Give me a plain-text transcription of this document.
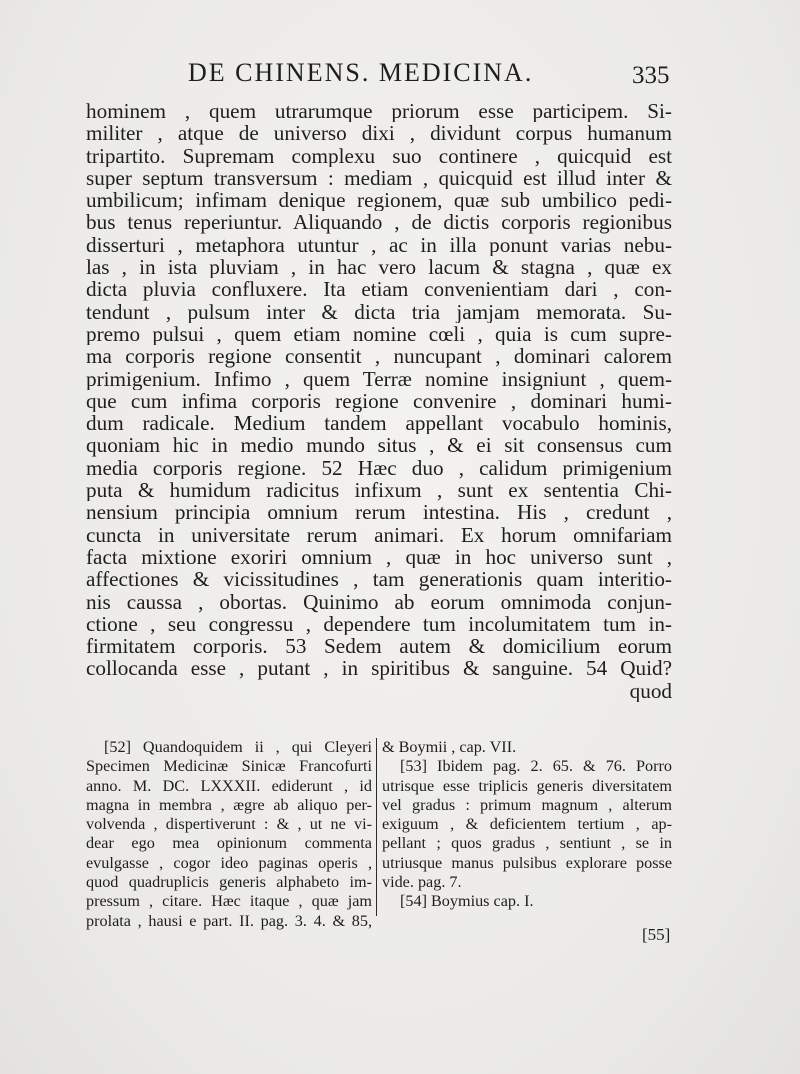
DE CHINENS. MEDICINA.	335
hominem , quem utrarumque priorum esse participem. Si-
militer , atque de universo dixi , dividunt corpus humanum
tripartito. Supremam complexu suo continere , quicquid est
super septum transversum : mediam , quicquid est illud inter &
umbilicum; infimam denique regionem, quæ sub umbilico pedi-
bus tenus reperiuntur. Aliquando , de dictis corporis regionibus
disserturi , metaphora utuntur , ac in illa ponunt varias nebu-
las , in ista pluviam , in hac vero lacum & stagna , quæ ex
dicta pluvia confluxere. Ita etiam convenientiam dari , con-
tendunt , pulsum inter & dicta tria jamjam memorata. Su-
premo pulsui , quem etiam nomine cœli , quia is cum supre-
ma corporis regione consentit , nuncupant , dominari calorem
primigenium. Infimo , quem Terræ nomine insigniunt , quem-
que cum infima corporis regione convenire , dominari humi-
dum radicale. Medium tandem appellant vocabulo hominis,
quoniam hic in medio mundo situs , & ei sit consensus cum
media corporis regione. 52 Hæc duo , calidum primigenium
puta & humidum radicitus infixum , sunt ex sententia Chi-
nensium principia omnium rerum intestina. His , credunt ,
cuncta in universitate rerum animari. Ex horum omnifariam
facta mixtione exoriri omnium , quæ in hoc universo sunt ,
affectiones & vicissitudines , tam generationis quam interitio-
nis caussa , obortas. Quinimo ab eorum omnimoda conjun-
ctione , seu congressu , dependere tum incolumitatem tum in-
firmitatem corporis. 53 Sedem autem & domicilium eorum
collocanda esse , putant , in spiritibus & sanguine. 54 Quid?
quod
[52] Quandoquidem ii , qui Cleyeri
Specimen Medicinæ Sinicæ Francofurti
anno. M. DC. LXXXII. ediderunt , id
magna in membra , ægre ab aliquo per-
volvenda , dispertiverunt : & , ut ne vi-
dear ego mea opinionum commenta
evulgasse , cogor ideo paginas operis ,
quod quadruplicis generis alphabeto im-
pressum , citare. Hæc itaque , quæ jam
prolata , hausi e part. II. pag. 3. 4. & 85,
& Boymii , cap. VII.
[53] Ibidem pag. 2. 65. & 76. Porro
utrisque esse triplicis generis diversitatem
vel gradus : primum magnum , alterum
exiguum , & deficientem tertium , ap-
pellant ; quos gradus , sentiunt , se in
utriusque manus pulsibus explorare posse
vide. pag. 7.
[54] Boymius cap. I.
[55]
